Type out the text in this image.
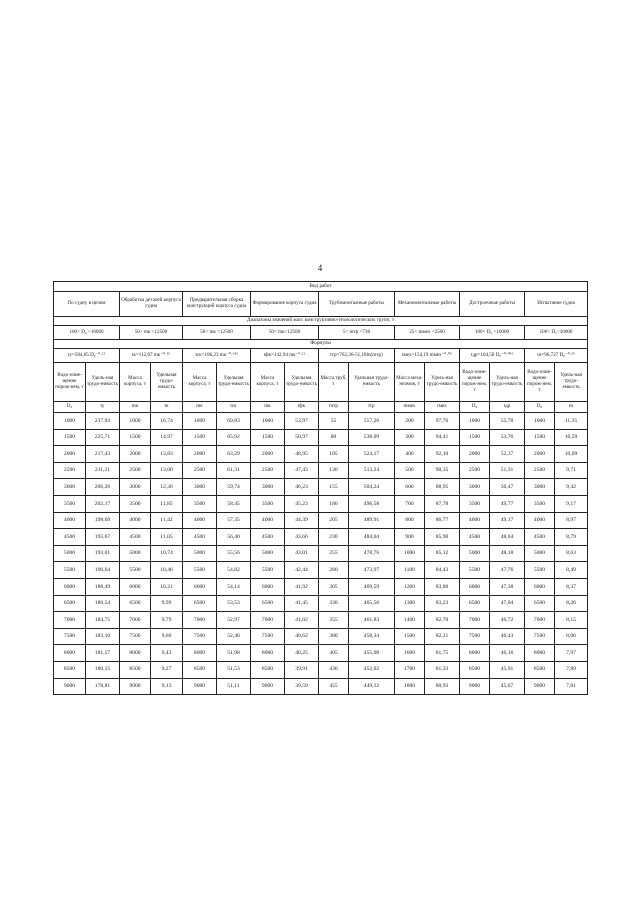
4
Вид работ															
По судну в целом		Обработка деталей корпуса судна		Предварительная сборка конструкций корпуса судна		Формирование корпуса судна		Трубомонтажные работы		Механомонтажные работы		Достроечные работы		Испытание судна	
Диапазоны значений масс конструктивно-технологических групп, т															
100< D₀ <16000		50< mк <12500		50< mк <12500		50< mк<12500		5< mтр <730		25< mмех <2500		100< D₀ <16000		100< D₀<16000	
Формулы															
tу=584,05 D₀⁻⁰·¹³		tк=112,67 mк⁻⁰·²⁵		tск=186,23 mк⁻⁰·¹⁴²		tфк=142,94 mк⁻⁰·¹¹		tтр=762,36-51,18ln(mтр)		tмех=154,19 mмех⁻⁰·⁰⁶		tдр=104,58 D₀⁻⁰·⁰⁸¹		tи=96,727 D₀⁻⁰·²⁵	
Водо-изме-щение порож-нем, т	Удель-ная трудо-емкость	Масса корпуса, т	Удельная трудо-емкость	Масса корпуса, т	Удельная трудо-емкость	Масса корпуса, т	Удельная трудо-емкость	Масса труб, т	Удельная трудо-емкость	Масса меха-низмов, т	Удель-ная трудо-емкость	Водо-изме-щение порож-нем, т	Удель-ная трудо-емкость	Водо-изме-щение порож-нем, т	Удель-ная трудо-емкость
D₀	tу	mк	tк	mк	tск	mк	tфк	mтр	tтр	mмех	tмех	D₀	tдр	D₀	tи
1000	237,93	1000	16,74	1000	69,83	1000	53,97	55	557,26	200	97,76	1000	55,78	1000	11,35
1500	225,71	1500	14,97	1500	65,92	1500	50,97	80	538,09	300	94,41	1500	53,76	1500	10,59
2000	217,43	2000	13,83	2000	63,29	2000	48,95	105	524,17	400	92,10	2000	52,37	2000	10,09
2500	211,21	2500	13,00	2500	61,31	2500	47,43	130	513,24	500	90,35	2500	51,31	2500	9,71
3000	206,26	3000	12,36	3000	59,74	3000	46,23	155	504,24	600	88,95	3000	50,47	3000	9,42
3500	202,17	3500	11,85	3500	58,45	3500	45,23	180	496,58	700	87,78	3500	49,77	3500	9,17
4000	198,69	4000	11,42	4000	57,35	4000	44,39	205	489,91	800	86,77	4000	49,17	4000	8,97
4500	195,67	4500	11,05	4500	56,40	4500	43,66	230	484,04	900	85,90	4500	48,64	4500	8,79
5000	193,01	5000	10,74	5000	55,56	5000	43,01	255	478,76	1000	85,12	5000	48,18	5000	8,63
5500	190,64	5500	10,46	5500	54,82	5500	42,44	280	473,97	1100	84,43	5500	47,76	5500	8,49
6000	188,49	6000	10,21	6000	54,14	6000	41,92	305	469,59	1200	83,80	6000	47,38	6000	8,37
6500	186,54	6500	9,99	6500	53,53	6500	41,45	330	465,56	1300	83,23	6500	47,04	6500	8,26
7000	184,75	7000	9,79	7000	52,97	7000	41,02	355	461,83	1400	82,70	7000	46,72	7000	8,15
7500	183,10	7500	9,60	7500	52,46	7500	40,62	380	458,34	1500	82,21	7500	46,43	7500	8,06
8000	181,57	8000	9,43	8000	51,98	8000	40,25	405	455,08	1600	81,75	8000	46,16	8000	7,97
8500	180,15	8500	9,27	8500	51,53	8500	39,91	430	452,02	1700	81,33	8500	45,91	8500	7,89
9000	178,81	9000	9,13	9000	51,11	9000	39,59	455	449,12	1800	80,93	9000	45,67	9000	7,81
